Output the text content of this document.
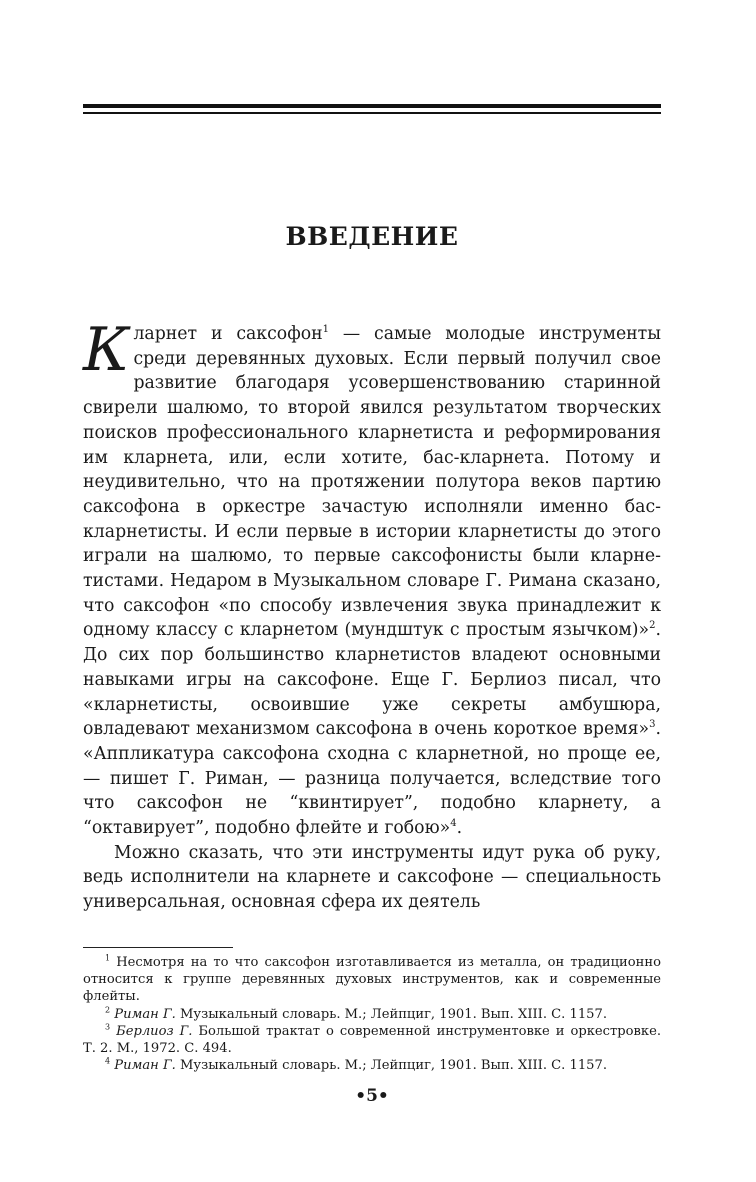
ВВЕДЕНИЕ

Кларнет и саксофон$^1$ — самые молодые инструменты среди деревянных духовых. Если первый получил свое развитие благодаря усовершенствованию старинной свирели шалюмо, то второй явился результатом творческих поисков профессионального кларнетиста и реформирования им кларнета, или, если хотите, бас-кларнета. Потому и неудивительно, что на протяжении полутора веков партию саксофона в оркестре зачастую исполняли именно баскларнетисты. И если первые в истории кларнетисты до этого играли на шалюмо, то первые саксофонисты были кларнетистами. Недаром в Музыкальном словаре Г. Римана сказано, что саксофон «по способу извлечения звука принадлежит к одному классу с кларнетом (мундштук с простым язычком)»$^2$. До сих пор большинство кларнетистов владеют основными навыками игры на саксофоне. Еще Г. Берлиоз писал, что «кларнетисты, освоившие уже секреты амбушюра, овладевают механизмом саксофона в очень короткое время»$^3$. «Аппликатура саксофона сходна с кларнетной, но проще ее, — пишет Г. Риман, — разница получается, вследствие того что саксофон не “квинтирует”, подобно кларнету, а “октавирует”, подобно флейте и гобою»$^4$.

Можно сказать, что эти инструменты идут рука об руку, ведь исполнители на кларнете и саксофоне — специальность универсальная, основная сфера их деятель

$^1$ Несмотря на то что саксофон изготавливается из металла, он традиционно относится к группе деревянных духовых инструментов, как и современные флейты.

$^2$ Риман Г. Музыкальный словарь. М.; Лейпциг, 1901. Вып. XIII. С. 1157.

$^3$ Берлиоз Г. Большой трактат о современной инструментовке и оркестровке. Т. 2. М., 1972. С. 494.

$^4$ Риман Г. Музыкальный словарь. М.; Лейпциг, 1901. Вып. XIII. С. 1157.

•5•
